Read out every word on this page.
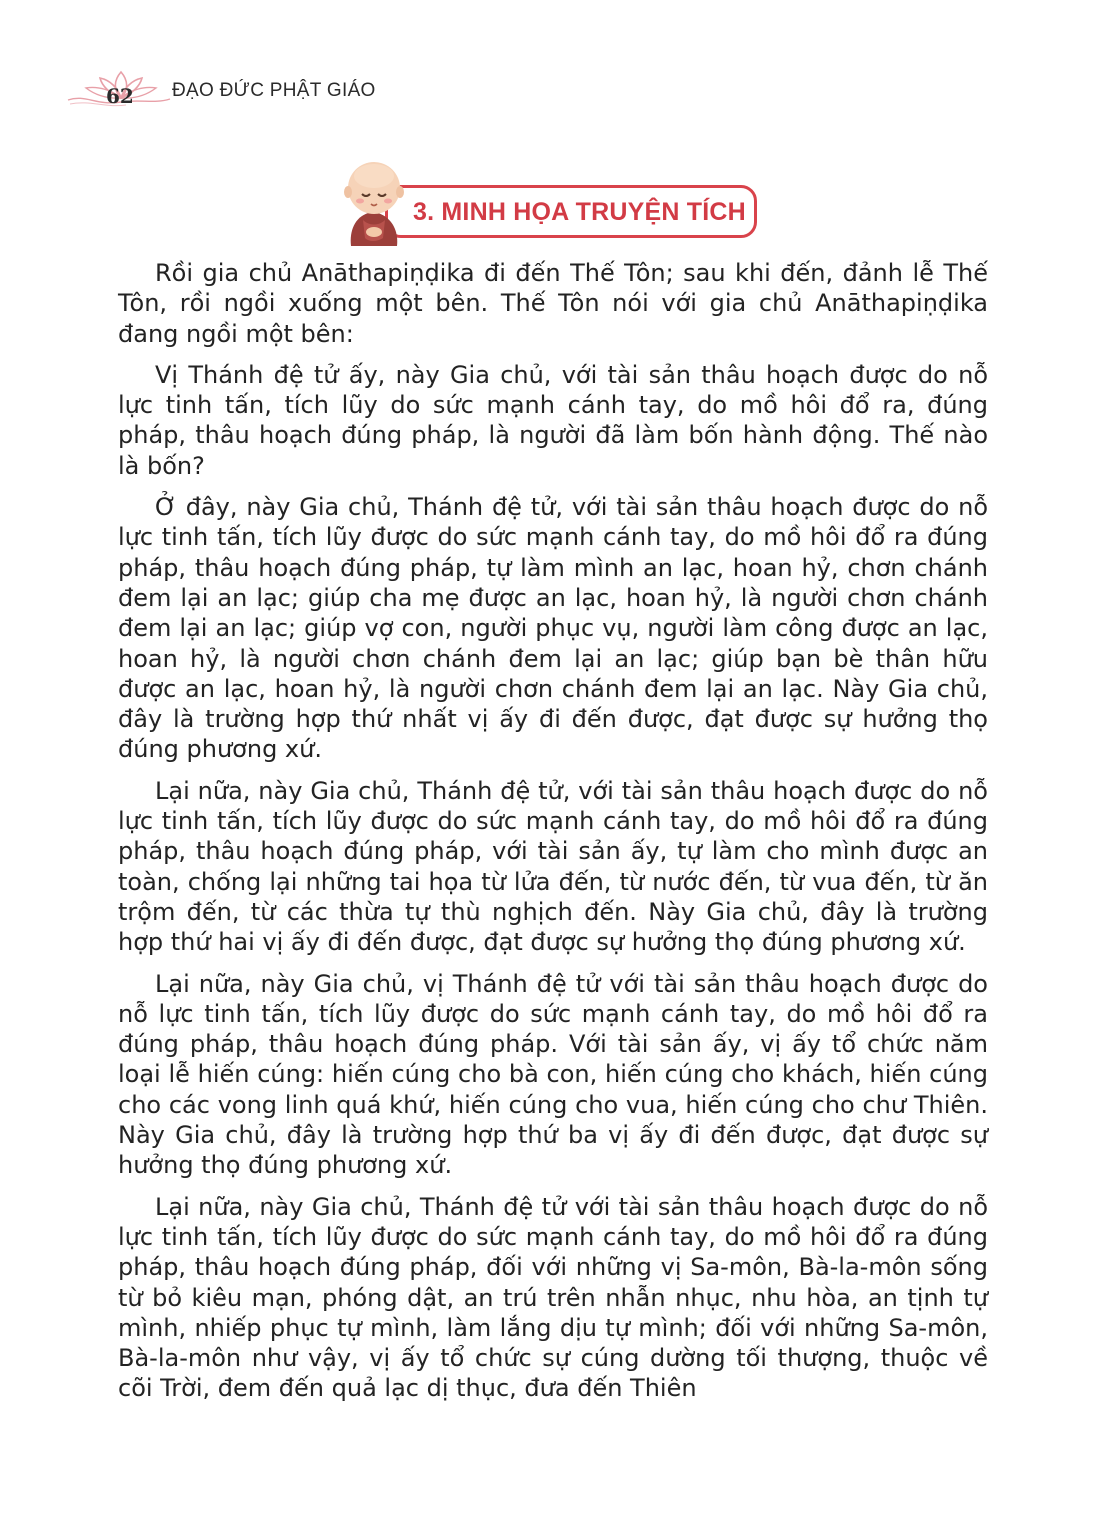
62 ĐẠO ĐỨC PHẬT GIÁO
3. MINH HỌA TRUYỆN TÍCH

Rồi gia chủ Anāthapiṇḍika đi đến Thế Tôn; sau khi đến, đảnh lễ Thế Tôn, rồi ngồi xuống một bên. Thế Tôn nói với gia chủ Anāthapiṇḍika đang ngồi một bên:

Vị Thánh đệ tử ấy, này Gia chủ, với tài sản thâu hoạch được do nỗ lực tinh tấn, tích lũy do sức mạnh cánh tay, do mồ hôi đổ ra, đúng pháp, thâu hoạch đúng pháp, là người đã làm bốn hành động. Thế nào là bốn?

Ở đây, này Gia chủ, Thánh đệ tử, với tài sản thâu hoạch được do nỗ lực tinh tấn, tích lũy được do sức mạnh cánh tay, do mồ hôi đổ ra đúng pháp, thâu hoạch đúng pháp, tự làm mình an lạc, hoan hỷ, chơn chánh đem lại an lạc; giúp cha mẹ được an lạc, hoan hỷ, là người chơn chánh đem lại an lạc; giúp vợ con, người phục vụ, người làm công được an lạc, hoan hỷ, là người chơn chánh đem lại an lạc; giúp bạn bè thân hữu được an lạc, hoan hỷ, là người chơn chánh đem lại an lạc. Này Gia chủ, đây là trường hợp thứ nhất vị ấy đi đến được, đạt được sự hưởng thọ đúng phương xứ.

Lại nữa, này Gia chủ, Thánh đệ tử, với tài sản thâu hoạch được do nỗ lực tinh tấn, tích lũy được do sức mạnh cánh tay, do mồ hôi đổ ra đúng pháp, thâu hoạch đúng pháp, với tài sản ấy, tự làm cho mình được an toàn, chống lại những tai họa từ lửa đến, từ nước đến, từ vua đến, từ ăn trộm đến, từ các thừa tự thù nghịch đến. Này Gia chủ, đây là trường hợp thứ hai vị ấy đi đến được, đạt được sự hưởng thọ đúng phương xứ.

Lại nữa, này Gia chủ, vị Thánh đệ tử với tài sản thâu hoạch được do nỗ lực tinh tấn, tích lũy được do sức mạnh cánh tay, do mồ hôi đổ ra đúng pháp, thâu hoạch đúng pháp. Với tài sản ấy, vị ấy tổ chức năm loại lễ hiến cúng: hiến cúng cho bà con, hiến cúng cho khách, hiến cúng cho các vong linh quá khứ, hiến cúng cho vua, hiến cúng cho chư Thiên. Này Gia chủ, đây là trường hợp thứ ba vị ấy đi đến được, đạt được sự hưởng thọ đúng phương xứ.

Lại nữa, này Gia chủ, Thánh đệ tử với tài sản thâu hoạch được do nỗ lực tinh tấn, tích lũy được do sức mạnh cánh tay, do mồ hôi đổ ra đúng pháp, thâu hoạch đúng pháp, đối với những vị Sa-môn, Bà-la-môn sống từ bỏ kiêu mạn, phóng dật, an trú trên nhẫn nhục, nhu hòa, an tịnh tự mình, nhiếp phục tự mình, làm lắng dịu tự mình; đối với những Sa-môn, Bà-la-môn như vậy, vị ấy tổ chức sự cúng dường tối thượng, thuộc về cõi Trời, đem đến quả lạc dị thục, đưa đến Thiên
